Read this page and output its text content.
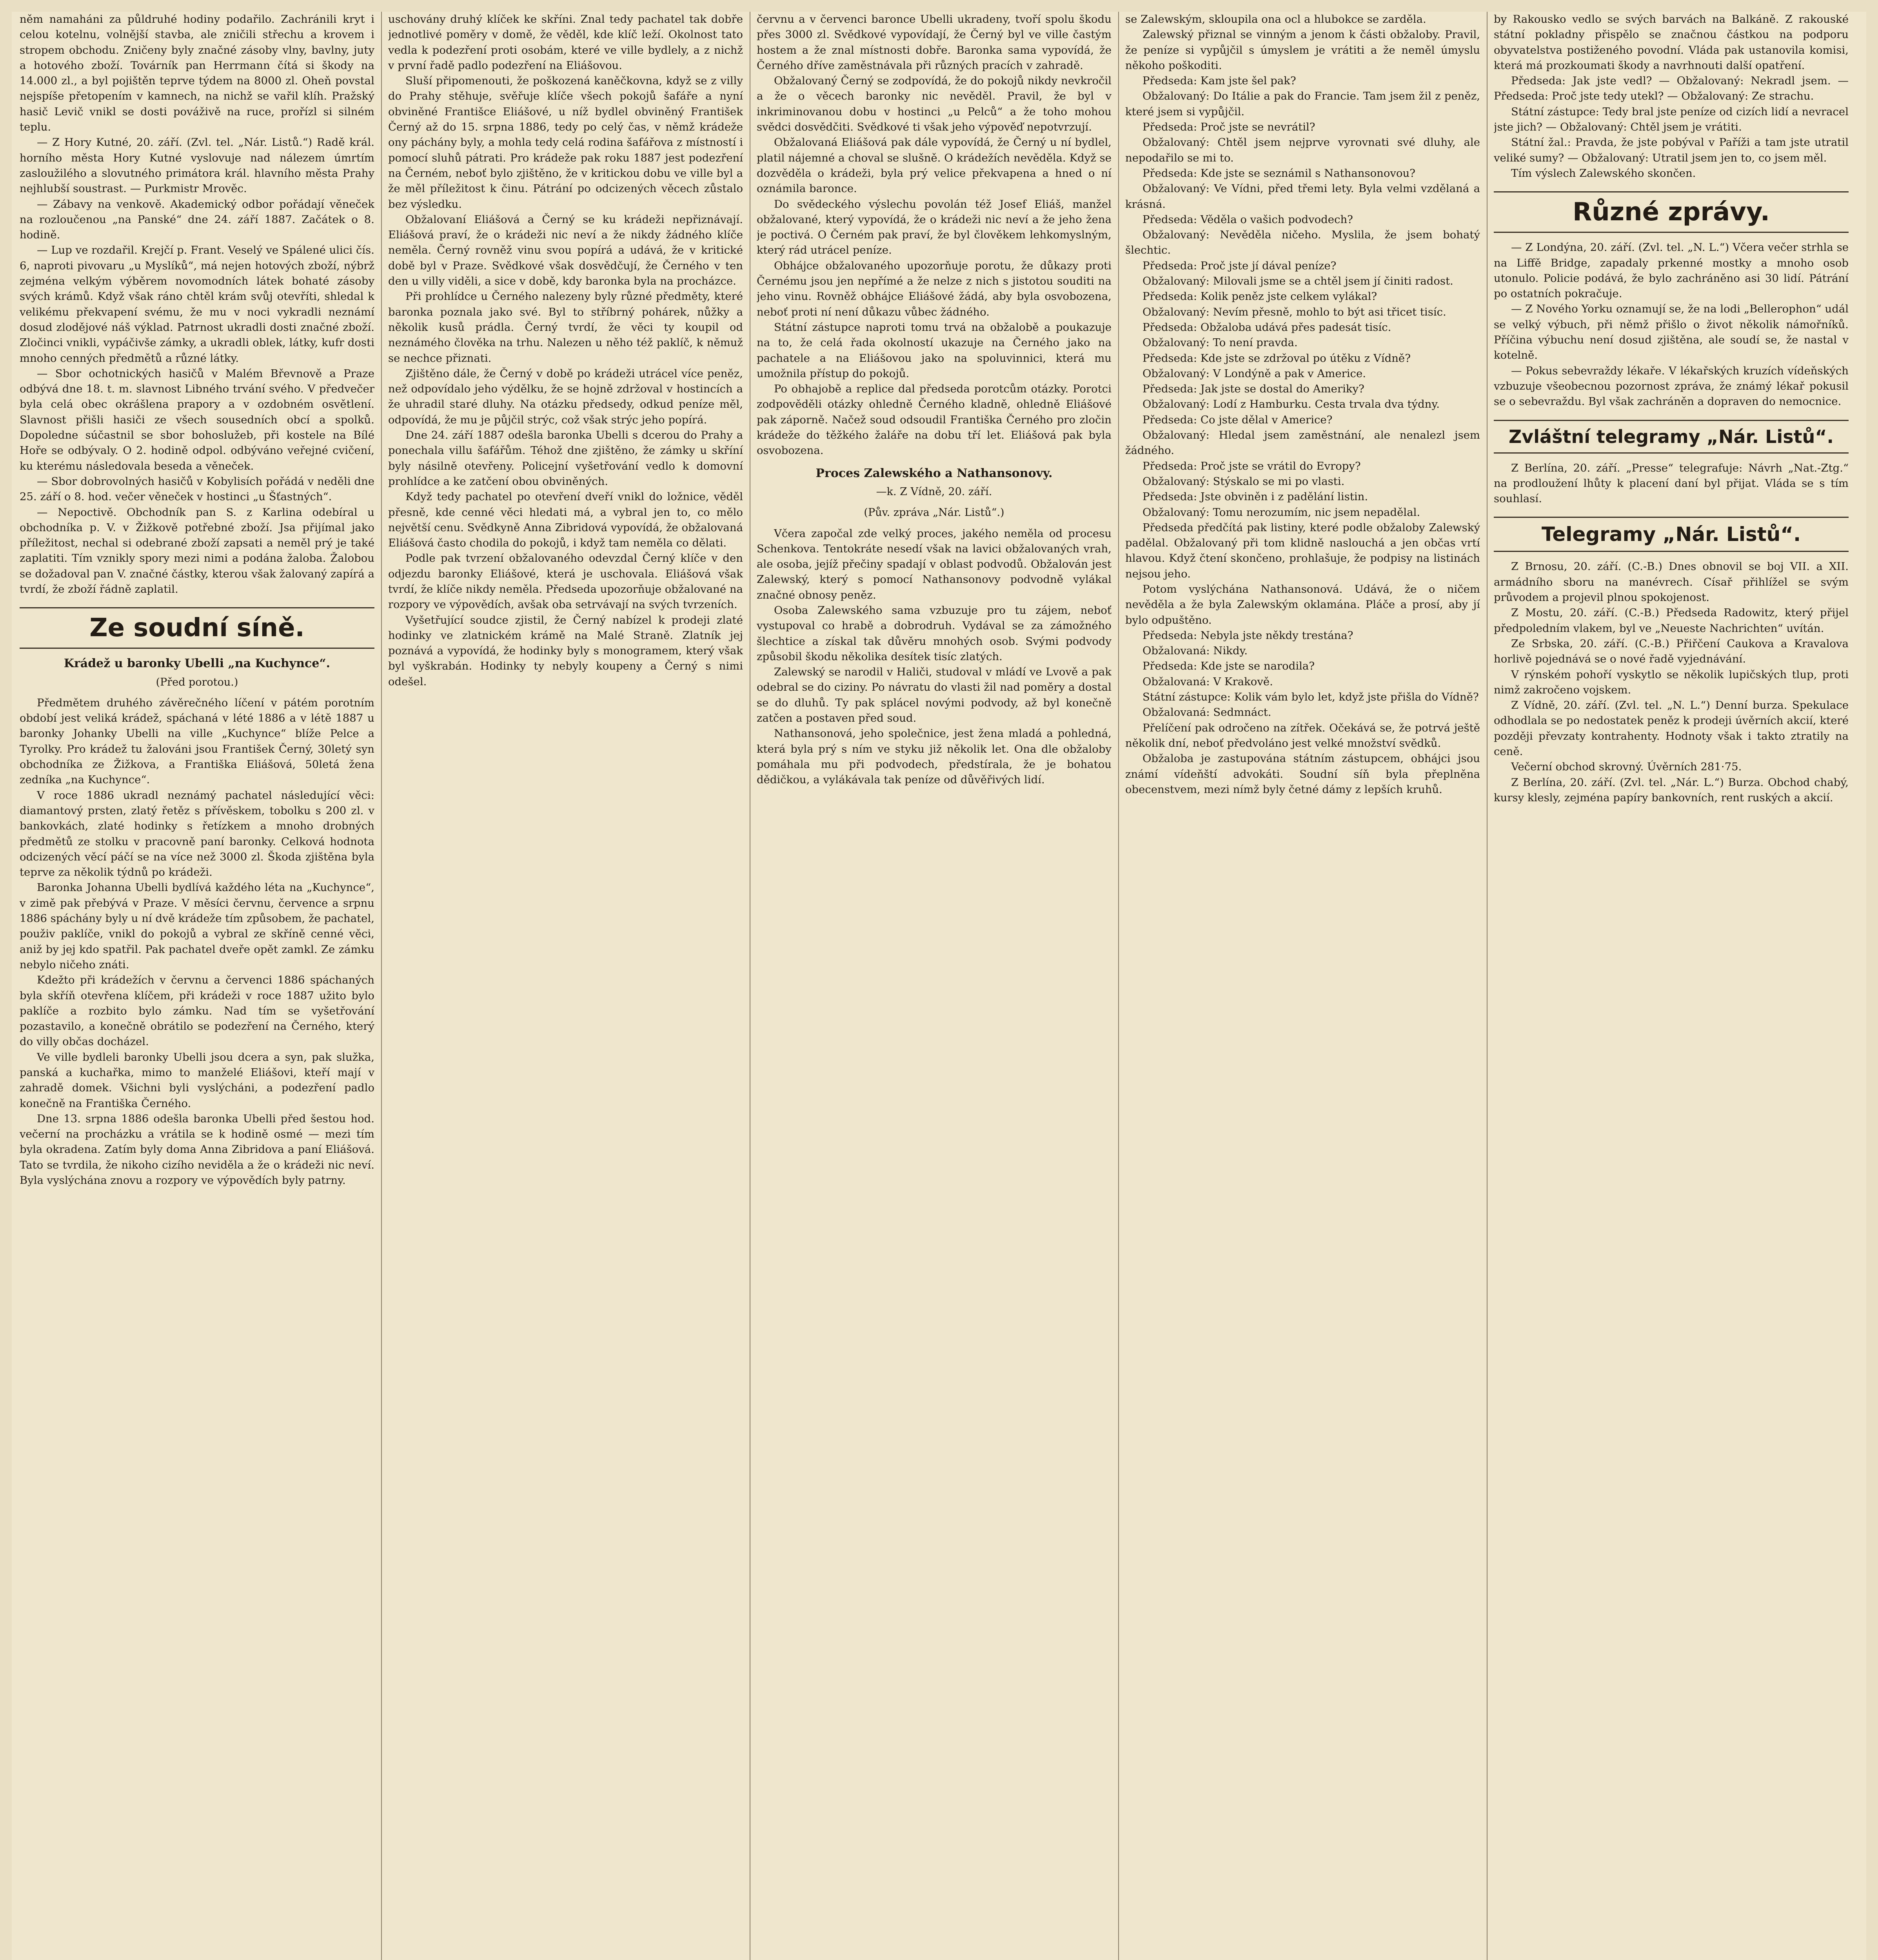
něm namaháni za půldruhé hodiny podařilo. Zachránili kryt i celou kotelnu, volnější stavba, ale zničili střechu a krovem i stropem obchodu. Zničeny byly značné zásoby vlny, bavlny, juty a hotového zboží. Továrník pan Herrmann čítá si škody na 14.000 zl., a byl pojištěn teprve týdem na 8000 zl. Oheň povstal nejspíše přetopením v kamnech, na nichž se vařil klíh. Pražský hasič Levič vnikl se dosti pováživě na ruce, prořízl si silném teplu.

— Z Hory Kutné, 20. září. (Zvl. tel. „Nár. Listů.“) Radě král. horního města Hory Kutné vyslovuje nad nálezem úmrtím zasloužilého a slovutného primátora král. hlavního města Prahy nejhlubší soustrast. — Purkmistr Mrověc.

— Zábavy na venkově. Akademický odbor pořádají věneček na rozloučenou „na Panské“ dne 24. září 1887. Začátek o 8. hodině.

— Lup ve rozdařil. Krejčí p. Frant. Veselý ve Spálené ulici čís. 6, naproti pivovaru „u Myslíků“, má nejen hotových zboží, nýbrž zejména velkým výběrem novomodních látek bohaté zásoby svých krámů. Když však ráno chtěl krám svůj otevříti, shledal k velikému překvapení svému, že mu v noci vykradli neznámí dosud zlodějové náš výklad. Patrnost ukradli dosti značné zboží. Zločinci vnikli, vypáčivše zámky, a ukradli oblek, látky, kufr dosti mnoho cenných předmětů a různé látky.

— Sbor ochotnických hasičů v Malém Břevnově a Praze odbývá dne 18. t. m. slavnost Libného trvání svého. V předvečer byla celá obec okrášlena prapory a v ozdobném osvětlení. Slavnost přišli hasiči ze všech sousedních obcí a spolků. Dopoledne súčastnil se sbor bohoslužeb, při kostele na Bílé Hoře se odbývaly. O 2. hodině odpol. odbýváno veřejné cvičení, ku kterému následovala beseda a věneček.

— Sbor dobrovolných hasičů v Kobylisích pořádá v neděli dne 25. září o 8. hod. večer věneček v hostinci „u Šťastných“.

— Nepoctivě. Obchodník pan S. z Karlina odebíral u obchodníka p. V. v Žižkově potřebné zboží. Jsa přijímal jako příležitost, nechal si odebrané zboží zapsati a neměl prý je také zaplatiti. Tím vznikly spory mezi nimi a podána žaloba. Žalobou se dožadoval pan V. značné částky, kterou však žalovaný zapírá a tvrdí, že zboží řádně zaplatil.

Ze soudní síně.
Krádež u baronky Ubelli „na Kuchynce“.
(Před porotou.)

Předmětem druhého závěrečného líčení v pátém porotním období jest veliká krádež, spáchaná v lété 1886 a v létě 1887 u baronky Johanky Ubelli na ville „Kuchynce“ blíže Pelce a Tyrolky. Pro krádež tu žalováni jsou František Černý, 30letý syn obchodníka ze Žižkova, a Františka Eliášová, 50letá žena zedníka „na Kuchynce“.

V roce 1886 ukradl neznámý pachatel následující věci: diamantový prsten, zlatý řetěz s přívěskem, tobolku s 200 zl. v bankovkách, zlaté hodinky s řetízkem a mnoho drobných předmětů ze stolku v pracovně paní baronky. Celková hodnota odcizených věcí páčí se na více než 3000 zl. Škoda zjištěna byla teprve za několik týdnů po krádeži.

Baronka Johanna Ubelli bydlívá každého léta na „Kuchynce“, v zimě pak přebývá v Praze. V měsíci červnu, července a srpnu 1886 spáchány byly u ní dvě krádeže tím způsobem, že pachatel, použiv paklíče, vnikl do pokojů a vybral ze skříně cenné věci, aniž by jej kdo spatřil. Pak pachatel dveře opět zamkl. Ze zámku nebylo ničeho znáti.

Kdežto při krádežích v červnu a červenci 1886 spáchaných byla skříň otevřena klíčem, při krádeži v roce 1887 užito bylo paklíče a rozbito bylo zámku. Nad tím se vyšetřování pozastavilo, a konečně obrátilo se podezření na Černého, který do villy občas docházel.

Ve ville bydleli baronky Ubelli jsou dcera a syn, pak služka, panská a kuchařka, mimo to manželé Eliášovi, kteří mají v zahradě domek. Všichni byli vyslýcháni, a podezření padlo konečně na Františka Černého.

Dne 13. srpna 1886 odešla baronka Ubelli před šestou hod. večerní na procházku a vrátila se k hodině osmé — mezi tím byla okradena. Zatím byly doma Anna Zibridova a paní Eliášová. Tato se tvrdila, že nikoho cizího neviděla a že o krádeži nic neví. Byla vyslýchána znovu a rozpory ve výpovědích byly patrny.

uschovány druhý klíček ke skříni. Znal tedy pachatel tak dobře jednotlivé poměry v domě, že věděl, kde klíč leží. Okolnost tato vedla k podezření proti osobám, které ve ville bydlely, a z nichž v první řadě padlo podezření na Eliášovou.

Sluší připomenouti, že poškozená kaněčkovna, když se z villy do Prahy stěhuje, svěřuje klíče všech pokojů šafáře a nyní obviněné Františce Eliášové, u níž bydlel obviněný František Černý až do 15. srpna 1886, tedy po celý čas, v němž krádeže ony páchány byly, a mohla tedy celá rodina šafářova z místností i pomocí sluhů pátrati. Pro krádeže pak roku 1887 jest podezření na Černém, neboť bylo zjištěno, že v kritickou dobu ve ville byl a že měl příležitost k činu. Pátrání po odcizených věcech zůstalo bez výsledku.

Obžalovaní Eliášová a Černý se ku krádeži nepřiznávají. Eliášová praví, že o krádeži nic neví a že nikdy žádného klíče neměla. Černý rovněž vinu svou popírá a udává, že v kritické době byl v Praze. Svědkové však dosvědčují, že Černého v ten den u villy viděli, a sice v době, kdy baronka byla na procházce.

Při prohlídce u Černého nalezeny byly různé předměty, které baronka poznala jako své. Byl to stříbrný pohárek, nůžky a několik kusů prádla. Černý tvrdí, že věci ty koupil od neznámého člověka na trhu. Nalezen u něho též paklíč, k němuž se nechce přiznati.

Zjištěno dále, že Černý v době po krádeži utrácel více peněz, než odpovídalo jeho výdělku, že se hojně zdržoval v hostincích a že uhradil staré dluhy. Na otázku předsedy, odkud peníze měl, odpovídá, že mu je půjčil strýc, což však strýc jeho popírá.

Dne 24. září 1887 odešla baronka Ubelli s dcerou do Prahy a ponechala villu šafářům. Téhož dne zjištěno, že zámky u skříní byly násilně otevřeny. Policejní vyšetřování vedlo k domovní prohlídce a ke zatčení obou obviněných.

Když tedy pachatel po otevření dveří vnikl do ložnice, věděl přesně, kde cenné věci hledati má, a vybral jen to, co mělo největší cenu. Svědkyně Anna Zibridová vypovídá, že obžalovaná Eliášová často chodila do pokojů, i když tam neměla co dělati.

Podle pak tvrzení obžalovaného odevzdal Černý klíče v den odjezdu baronky Eliášové, která je uschovala. Eliášová však tvrdí, že klíče nikdy neměla. Předseda upozorňuje obžalované na rozpory ve výpovědích, avšak oba setrvávají na svých tvrzeních.

Vyšetřující soudce zjistil, že Černý nabízel k prodeji zlaté hodinky ve zlatnickém krámě na Malé Straně. Zlatník jej poznává a vypovídá, že hodinky byly s monogramem, který však byl vyškrabán. Hodinky ty nebyly koupeny a Černý s nimi odešel.

červnu a v červenci baronce Ubelli ukradeny, tvoří spolu škodu přes 3000 zl. Svědkové vypovídají, že Černý byl ve ville častým hostem a že znal místnosti dobře. Baronka sama vypovídá, že Černého dříve zaměstnávala při různých pracích v zahradě.

Obžalovaný Černý se zodpovídá, že do pokojů nikdy nevkročil a že o věcech baronky nic nevěděl. Pravil, že byl v inkriminovanou dobu v hostinci „u Pelců“ a že toho mohou svědci dosvědčiti. Svědkové ti však jeho výpověď nepotvrzují.

Obžalovaná Eliášová pak dále vypovídá, že Černý u ní bydlel, platil nájemné a choval se slušně. O krádežích nevěděla. Když se dozvěděla o krádeži, byla prý velice překvapena a hned o ní oznámila baronce.

Do svědeckého výslechu povolán též Josef Eliáš, manžel obžalované, který vypovídá, že o krádeži nic neví a že jeho žena je poctivá. O Černém pak praví, že byl člověkem lehkomyslným, který rád utrácel peníze.

Obhájce obžalovaného upozorňuje porotu, že důkazy proti Černému jsou jen nepřímé a že nelze z nich s jistotou souditi na jeho vinu. Rovněž obhájce Eliášové žádá, aby byla osvobozena, neboť proti ní není důkazu vůbec žádného.

Státní zástupce naproti tomu trvá na obžalobě a poukazuje na to, že celá řada okolností ukazuje na Černého jako na pachatele a na Eliášovou jako na spoluvinnici, která mu umožnila přístup do pokojů.

Po obhajobě a replice dal předseda porotcům otázky. Porotci zodpověděli otázky ohledně Černého kladně, ohledně Eliášové pak záporně. Načež soud odsoudil Františka Černého pro zločin krádeže do těžkého žaláře na dobu tří let. Eliášová pak byla osvobozena.

Proces Zalewského a Nathansonovy.
—k. Z Vídně, 20. září.
(Pův. zpráva „Nár. Listů“.)

Včera započal zde velký proces, jakého neměla od procesu Schenkova. Tentokráte nesedí však na lavici obžalovaných vrah, ale osoba, jejíž přečiny spadají v oblast podvodů. Obžalován jest Zalewský, který s pomocí Nathansonovy podvodně vylákal značné obnosy peněz.

Osoba Zalewského sama vzbuzuje pro tu zájem, neboť vystupoval co hrabě a dobrodruh. Vydával se za zámožného šlechtice a získal tak důvěru mnohých osob. Svými podvody způsobil škodu několika desítek tisíc zlatých.

Zalewský se narodil v Haliči, studoval v mládí ve Lvově a pak odebral se do ciziny. Po návratu do vlasti žil nad poměry a dostal se do dluhů. Ty pak splácel novými podvody, až byl konečně zatčen a postaven před soud.

Nathansonová, jeho společnice, jest žena mladá a pohledná, která byla prý s ním ve styku již několik let. Ona dle obžaloby pomáhala mu při podvodech, předstírala, že je bohatou dědičkou, a vylákávala tak peníze od důvěřivých lidí.

se Zalewským, skloupila ona ocl a hlubokce se zarděla.

Zalewský přiznal se vinným a jenom k části obžaloby. Pravil, že peníze si vypůjčil s úmyslem je vrátiti a že neměl úmyslu někoho poškoditi.

Předseda: Kam jste šel pak?

Obžalovaný: Do Itálie a pak do Francie. Tam jsem žil z peněz, které jsem si vypůjčil.

Předseda: Proč jste se nevrátil?

Obžalovaný: Chtěl jsem nejprve vyrovnati své dluhy, ale nepodařilo se mi to.

Předseda: Kde jste se seznámil s Nathansonovou?

Obžalovaný: Ve Vídni, před třemi lety. Byla velmi vzdělaná a krásná.

Předseda: Věděla o vašich podvodech?

Obžalovaný: Nevěděla ničeho. Myslila, že jsem bohatý šlechtic.

Předseda: Proč jste jí dával peníze?

Obžalovaný: Milovali jsme se a chtěl jsem jí činiti radost.

Předseda: Kolik peněz jste celkem vylákal?

Obžalovaný: Nevím přesně, mohlo to být asi třicet tisíc.

Předseda: Obžaloba udává přes padesát tisíc.

Obžalovaný: To není pravda.

Předseda: Kde jste se zdržoval po útěku z Vídně?

Obžalovaný: V Londýně a pak v Americe.

Předseda: Jak jste se dostal do Ameriky?

Obžalovaný: Lodí z Hamburku. Cesta trvala dva týdny.

Předseda: Co jste dělal v Americe?

Obžalovaný: Hledal jsem zaměstnání, ale nenalezl jsem žádného.

Předseda: Proč jste se vrátil do Evropy?

Obžalovaný: Stýskalo se mi po vlasti.

Předseda: Jste obviněn i z padělání listin.

Obžalovaný: Tomu nerozumím, nic jsem nepadělal.

Předseda předčítá pak listiny, které podle obžaloby Zalewský padělal. Obžalovaný při tom klidně naslouchá a jen občas vrtí hlavou. Když čtení skončeno, prohlašuje, že podpisy na listinách nejsou jeho.

Potom vyslýchána Nathansonová. Udává, že o ničem nevěděla a že byla Zalewským oklamána. Pláče a prosí, aby jí bylo odpuštěno.

Předseda: Nebyla jste někdy trestána?

Obžalovaná: Nikdy.

Předseda: Kde jste se narodila?

Obžalovaná: V Krakově.

Státní zástupce: Kolik vám bylo let, když jste přišla do Vídně?

Obžalovaná: Sedmnáct.

Přelíčení pak odročeno na zítřek. Očekává se, že potrvá ještě několik dní, neboť předvoláno jest velké množství svědků.

Obžaloba je zastupována státním zástupcem, obhájci jsou známí vídeňští advokáti. Soudní síň byla přeplněna obecenstvem, mezi nímž byly četné dámy z lepších kruhů.

by Rakousko vedlo se svých barvách na Balkáně. Z rakouské státní pokladny přispělo se značnou částkou na podporu obyvatelstva postiženého povodní. Vláda pak ustanovila komisi, která má prozkoumati škody a navrhnouti další opatření.

Předseda: Jak jste vedl? — Obžalovaný: Nekradl jsem. — Předseda: Proč jste tedy utekl? — Obžalovaný: Ze strachu.

Státní zástupce: Tedy bral jste peníze od cizích lidí a nevracel jste jich? — Obžalovaný: Chtěl jsem je vrátiti.

Státní žal.: Pravda, že jste pobýval v Paříži a tam jste utratil veliké sumy? — Obžalovaný: Utratil jsem jen to, co jsem měl.

Tím výslech Zalewského skončen.

Různé zprávy.

— Z Londýna, 20. září. (Zvl. tel. „N. L.“) Včera večer strhla se na Liffě Bridge, zapadaly prkenné mostky a mnoho osob utonulo. Policie podává, že bylo zachráněno asi 30 lidí. Pátrání po ostatních pokračuje.

— Z Nového Yorku oznamují se, že na lodi „Bellerophon“ udál se velký výbuch, při němž přišlo o život několik námořníků. Příčina výbuchu není dosud zjištěna, ale soudí se, že nastal v kotelně.

— Pokus sebevraždy lékaře. V lékařských kruzích vídeňských vzbuzuje všeobecnou pozornost zpráva, že známý lékař pokusil se o sebevraždu. Byl však zachráněn a dopraven do nemocnice.

Zvláštní telegramy „Nár. Listů“.

Z Berlína, 20. září. „Presse“ telegrafuje: Návrh „Nat.-Ztg.“ na prodloužení lhůty k placení daní byl přijat. Vláda se s tím souhlasí.

Telegramy „Nár. Listů“.

Z Brnosu, 20. září. (C.-B.) Dnes obnovil se boj VII. a XII. armádního sboru na manévrech. Císař přihlížel se svým průvodem a projevil plnou spokojenost.

Z Mostu, 20. září. (C.-B.) Předseda Radowitz, který přijel předpoledním vlakem, byl ve „Neueste Nachrichten“ uvítán.

Ze Srbska, 20. září. (C.-B.) Přiřčení Caukova a Kravalova horlivě pojednává se o nové řadě vyjednávání.

V rýnském pohoří vyskytlo se několik lupičských tlup, proti nimž zakročeno vojskem.

Z Vídně, 20. září. (Zvl. tel. „N. L.“) Denní burza. Spekulace odhodlala se po nedostatek peněz k prodeji úvěrních akcií, které později převzaty kontrahenty. Hodnoty však i takto ztratily na ceně.

Večerní obchod skrovný. Úvěrních 281·75.

Z Berlína, 20. září. (Zvl. tel. „Nár. L.“) Burza. Obchod chabý, kursy klesly, zejména papíry bankovních, rent ruských a akcií.
